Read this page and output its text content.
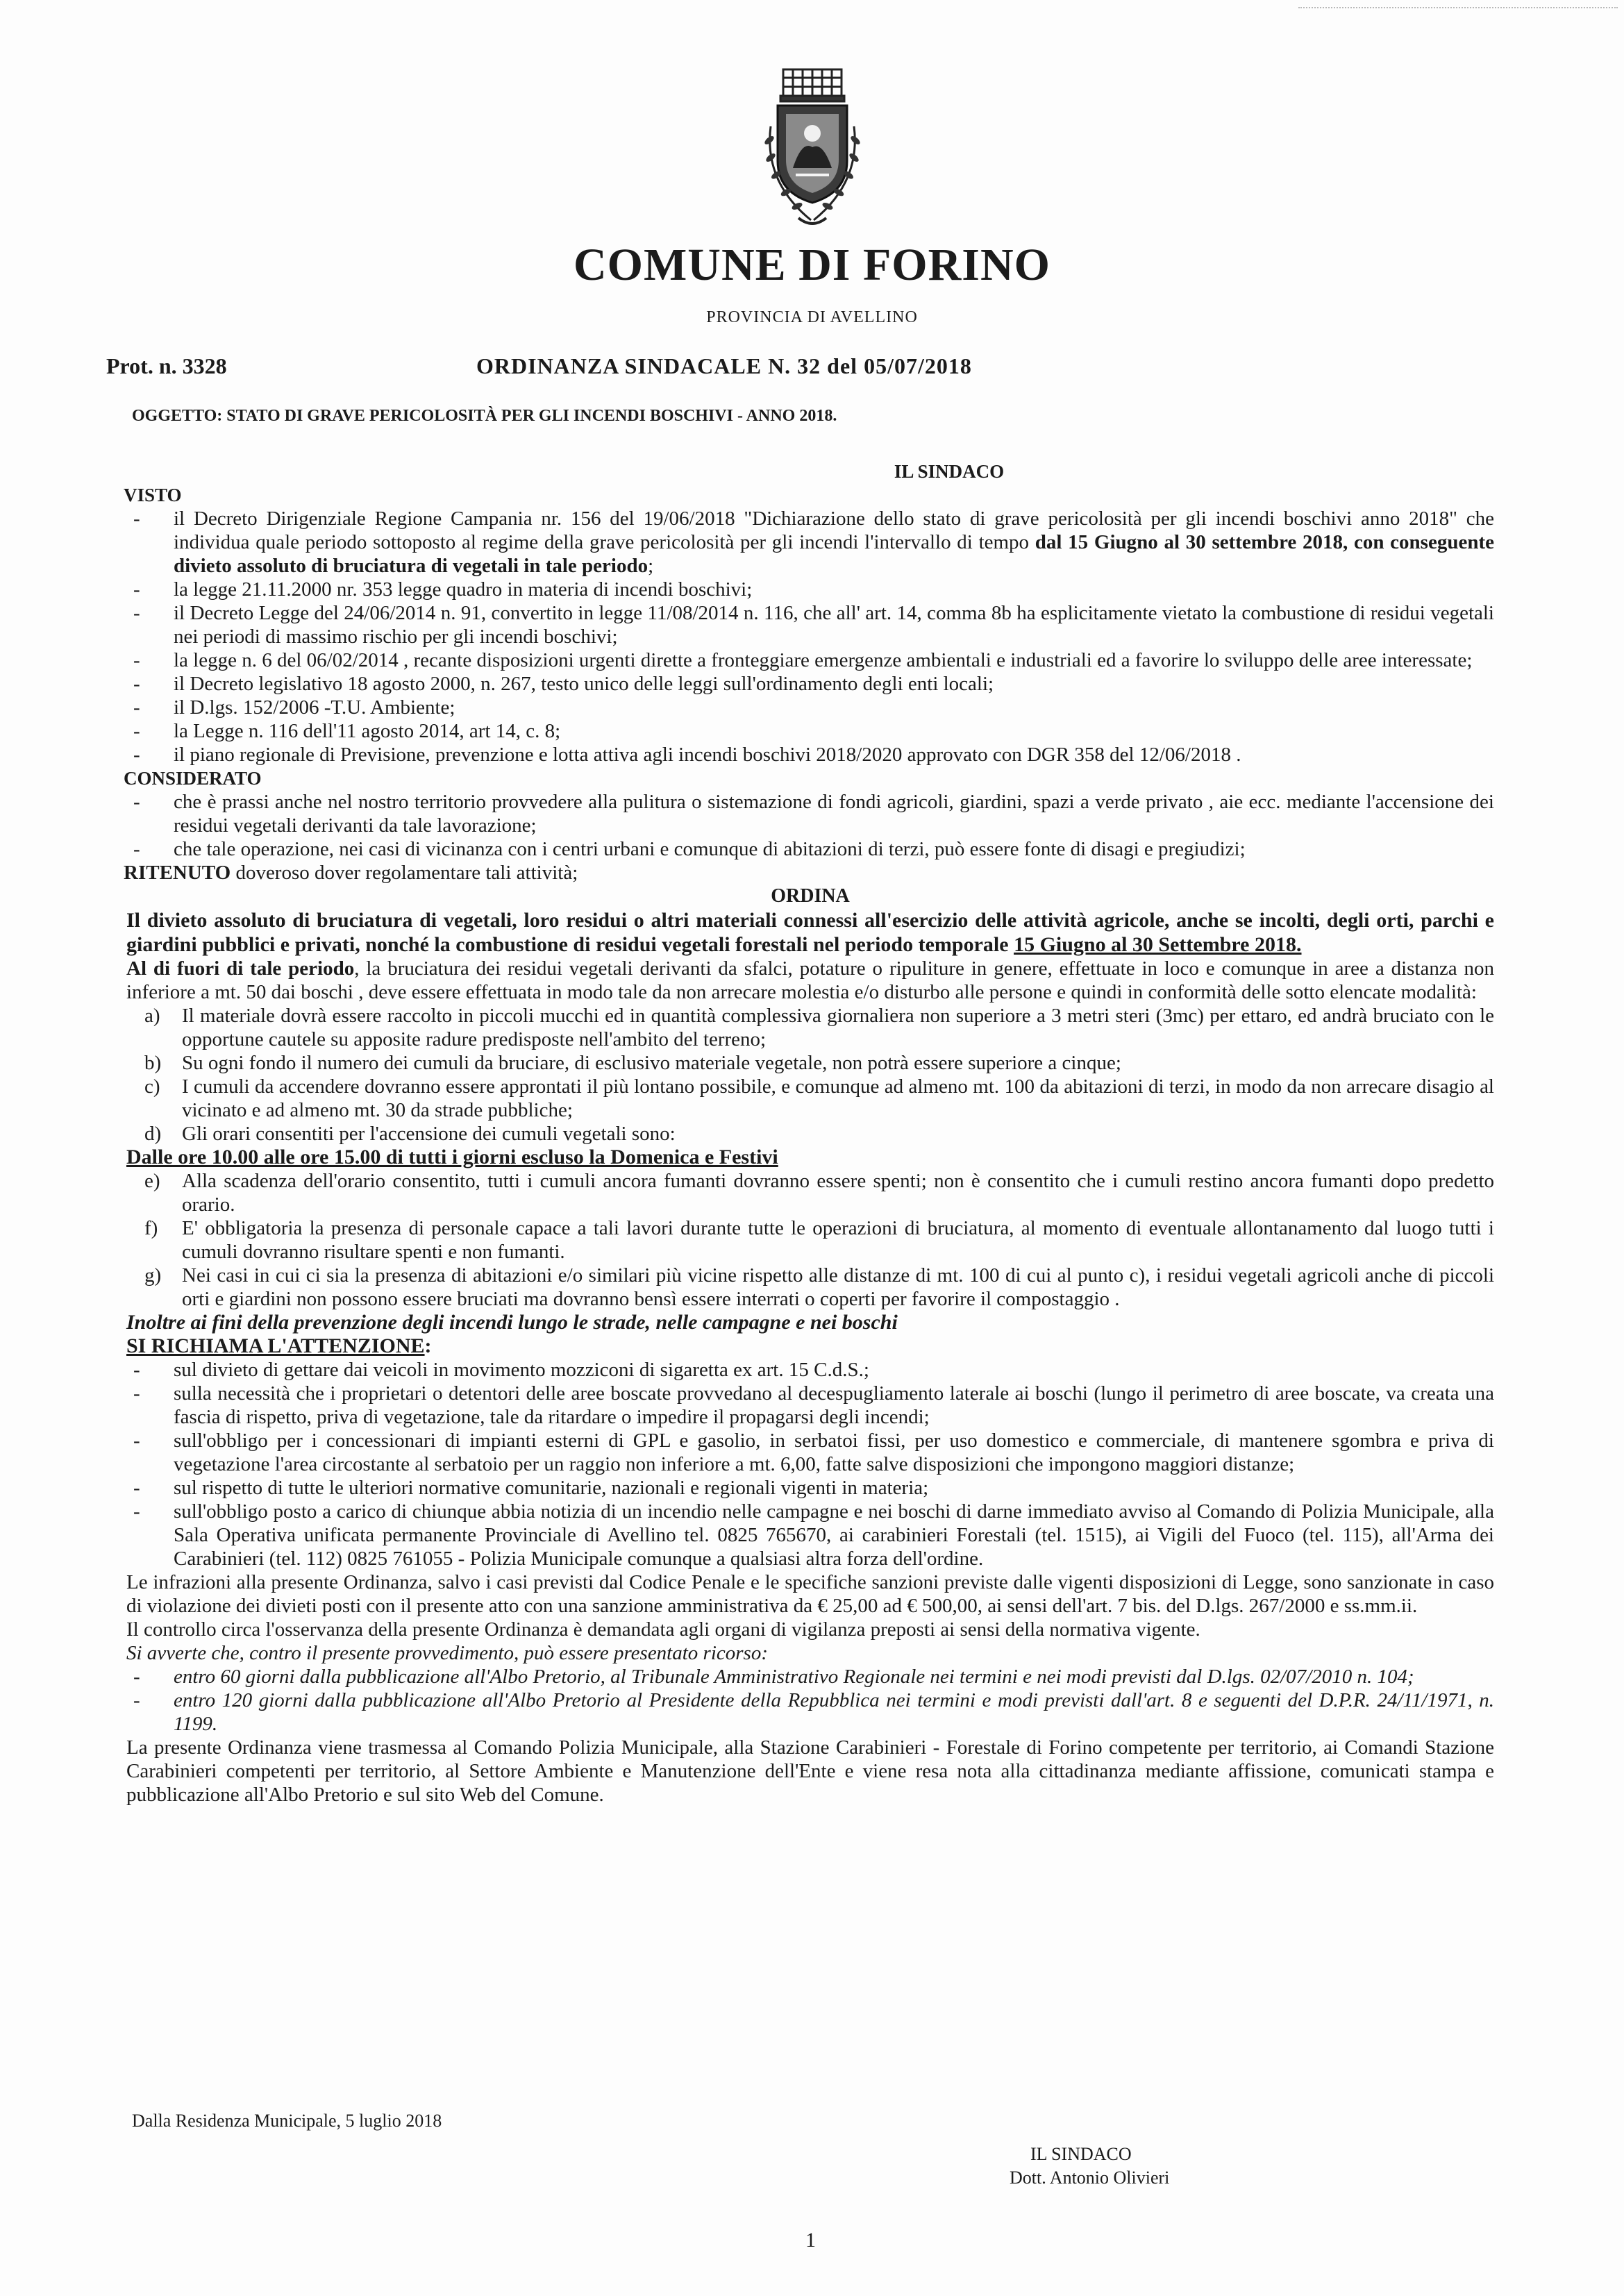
COMUNE DI FORINO
PROVINCIA DI AVELLINO
Prot. n. 3328	ORDINANZA SINDACALE N. 32 del 05/07/2018
OGGETTO: STATO DI GRAVE PERICOLOSITÀ PER GLI INCENDI BOSCHIVI - ANNO 2018.
IL SINDACO
VISTO
- il Decreto Dirigenziale Regione Campania nr. 156 del 19/06/2018 "Dichiarazione dello stato di grave pericolosità per gli incendi boschivi anno 2018" che individua quale periodo sottoposto al regime della grave pericolosità per gli incendi l'intervallo di tempo dal 15 Giugno al 30 settembre 2018, con conseguente divieto assoluto di bruciatura di vegetali in tale periodo;
- la legge 21.11.2000 nr. 353 legge quadro in materia di incendi boschivi;
- il Decreto Legge del 24/06/2014 n. 91, convertito in legge 11/08/2014 n. 116, che all' art. 14, comma 8b ha esplicitamente vietato la combustione di residui vegetali nei periodi di massimo rischio per gli incendi boschivi;
- la legge n. 6 del 06/02/2014 , recante disposizioni urgenti dirette a fronteggiare emergenze ambientali e industriali ed a favorire lo sviluppo delle aree interessate;
- il Decreto legislativo 18 agosto 2000, n. 267, testo unico delle leggi sull'ordinamento degli enti locali;
- il D.lgs. 152/2006 -T.U. Ambiente;
- la Legge n. 116 dell'11 agosto 2014, art 14, c. 8;
- il piano regionale di Previsione, prevenzione e lotta attiva agli incendi boschivi 2018/2020 approvato con DGR 358 del 12/06/2018 .
CONSIDERATO
- che è prassi anche nel nostro territorio provvedere alla pulitura o sistemazione di fondi agricoli, giardini, spazi a verde privato , aie ecc. mediante l'accensione dei residui vegetali derivanti da tale lavorazione;
- che tale operazione, nei casi di vicinanza con i centri urbani e comunque di abitazioni di terzi, può essere fonte di disagi e pregiudizi;

RITENUTO doveroso dover regolamentare tali attività;

ORDINA

Il divieto assoluto di bruciatura di vegetali, loro residui o altri materiali connessi all'esercizio delle attività agricole, anche se incolti, degli orti, parchi e giardini pubblici e privati, nonché la combustione di residui vegetali forestali nel periodo temporale 15 Giugno al 30 Settembre 2018.

Al di fuori di tale periodo, la bruciatura dei residui vegetali derivanti da sfalci, potature o ripuliture in genere, effettuate in loco e comunque in aree a distanza non inferiore a mt. 50 dai boschi , deve essere effettuata in modo tale da non arrecare molestia e/o disturbo alle persone e quindi in conformità delle sotto elencate modalità:

a) Il materiale dovrà essere raccolto in piccoli mucchi ed in quantità complessiva giornaliera non superiore a 3 metri steri (3mc) per ettaro, ed andrà bruciato con le opportune cautele su apposite radure predisposte nell'ambito del terreno;
b) Su ogni fondo il numero dei cumuli da bruciare, di esclusivo materiale vegetale, non potrà essere superiore a cinque;
c) I cumuli da accendere dovranno essere approntati il più lontano possibile, e comunque ad almeno mt. 100 da abitazioni di terzi, in modo da non arrecare disagio al vicinato e ad almeno mt. 30 da strade pubbliche;
d) Gli orari consentiti per l'accensione dei cumuli vegetali sono:

Dalle ore 10.00 alle ore 15.00 di tutti i giorni escluso la Domenica e Festivi

e) Alla scadenza dell'orario consentito, tutti i cumuli ancora fumanti dovranno essere spenti; non è consentito che i cumuli restino ancora fumanti dopo predetto orario.
f) E' obbligatoria la presenza di personale capace a tali lavori durante tutte le operazioni di bruciatura, al momento di eventuale allontanamento dal luogo tutti i cumuli dovranno risultare spenti e non fumanti.
g) Nei casi in cui ci sia la presenza di abitazioni e/o similari più vicine rispetto alle distanze di mt. 100 di cui al punto c), i residui vegetali agricoli anche di piccoli orti e giardini non possono essere bruciati ma dovranno bensì essere interrati o coperti per favorire il compostaggio .

Inoltre ai fini della prevenzione degli incendi lungo le strade, nelle campagne e nei boschi

SI RICHIAMA L'ATTENZIONE:

- sul divieto di gettare dai veicoli in movimento mozziconi di sigaretta ex art. 15 C.d.S.;
- sulla necessità che i proprietari o detentori delle aree boscate provvedano al decespugliamento laterale ai boschi (lungo il perimetro di aree boscate, va creata una fascia di rispetto, priva di vegetazione, tale da ritardare o impedire il propagarsi degli incendi;
- sull'obbligo per i concessionari di impianti esterni di GPL e gasolio, in serbatoi fissi, per uso domestico e commerciale, di mantenere sgombra e priva di vegetazione l'area circostante al serbatoio per un raggio non inferiore a mt. 6,00, fatte salve disposizioni che impongono maggiori distanze;
- sul rispetto di tutte le ulteriori normative comunitarie, nazionali e regionali vigenti in materia;
- sull'obbligo posto a carico di chiunque abbia notizia di un incendio nelle campagne e nei boschi di darne immediato avviso al Comando di Polizia Municipale, alla Sala Operativa unificata permanente Provinciale di Avellino tel. 0825 765670, ai carabinieri Forestali (tel. 1515), ai Vigili del Fuoco (tel. 115), all'Arma dei Carabinieri (tel. 112) 0825 761055 - Polizia Municipale comunque a qualsiasi altra forza dell'ordine.

Le infrazioni alla presente Ordinanza, salvo i casi previsti dal Codice Penale e le specifiche sanzioni previste dalle vigenti disposizioni di Legge, sono sanzionate in caso di violazione dei divieti posti con il presente atto con una sanzione amministrativa da € 25,00 ad € 500,00, ai sensi dell'art. 7 bis. del D.lgs. 267/2000 e ss.mm.ii.

Il controllo circa l'osservanza della presente Ordinanza è demandata agli organi di vigilanza preposti ai sensi della normativa vigente.

Si avverte che, contro il presente provvedimento, può essere presentato ricorso:

- entro 60 giorni dalla pubblicazione all'Albo Pretorio, al Tribunale Amministrativo Regionale nei termini e nei modi previsti dal D.lgs. 02/07/2010 n. 104;
- entro 120 giorni dalla pubblicazione all'Albo Pretorio al Presidente della Repubblica nei termini e modi previsti dall'art. 8 e seguenti del D.P.R. 24/11/1971, n. 1199.

La presente Ordinanza viene trasmessa al Comando Polizia Municipale, alla Stazione Carabinieri - Forestale di Forino competente per territorio, ai Comandi Stazione Carabinieri competenti per territorio, al Settore Ambiente e Manutenzione dell'Ente e viene resa nota alla cittadinanza mediante affissione, comunicati stampa e pubblicazione all'Albo Pretorio e sul sito Web del Comune.

Dalla Residenza Municipale, 5 luglio 2018
IL SINDACO
Dott. Antonio Olivieri
1
